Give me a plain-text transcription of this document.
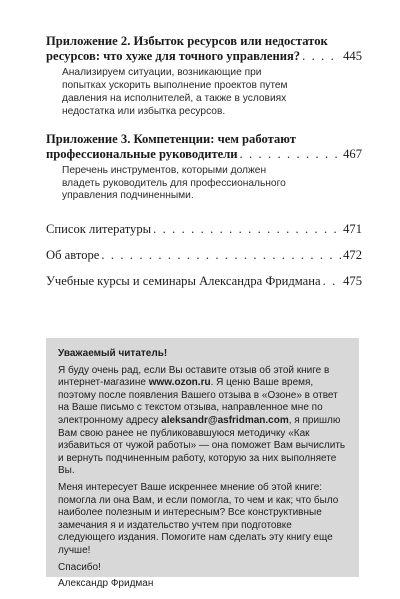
Приложение 2. Избыток ресурсов или недостаток
ресурсов: что хуже для точного управления? . . .	445
Анализируем ситуации, возникающие при попытках ускорить выполнение проектов путем давления на исполнителей, а также в условиях недостатка или избытка ресурсов.
Приложение 3. Компетенции: чем работают
профессиональные руководители . . .	467
Перечень инструментов, которыми должен владеть руководитель для профессионального управления подчиненными.
Список литературы . . .	471
Об авторе . . .	472
Учебные курсы и семинары Александра Фридмана . . . 475
Уважаемый читатель!

Я буду очень рад, если Вы оставите отзыв об этой книге в интернет-магазине www.ozon.ru. Я ценю Ваше время, поэтому после появления Вашего отзыва в «Озоне» в ответ на Ваше письмо с текстом отзыва, направленное мне по электронному адресу aleksandr@asfridman.com, я пришлю Вам свою ранее не публиковавшуюся методичку «Как избавиться от чужой работы» — она поможет Вам вычислить и вернуть подчиненным работу, которую за них выполняете Вы.

Меня интересует Ваше искреннее мнение об этой книге: помогла ли она Вам, и если помогла, то чем и как; что было наиболее полезным и интересным? Все конструктивные замечания я и издательство учтем при подготовке следующего издания. Помогите нам сделать эту книгу еще лучше!

Спасибо!

Александр Фридман
